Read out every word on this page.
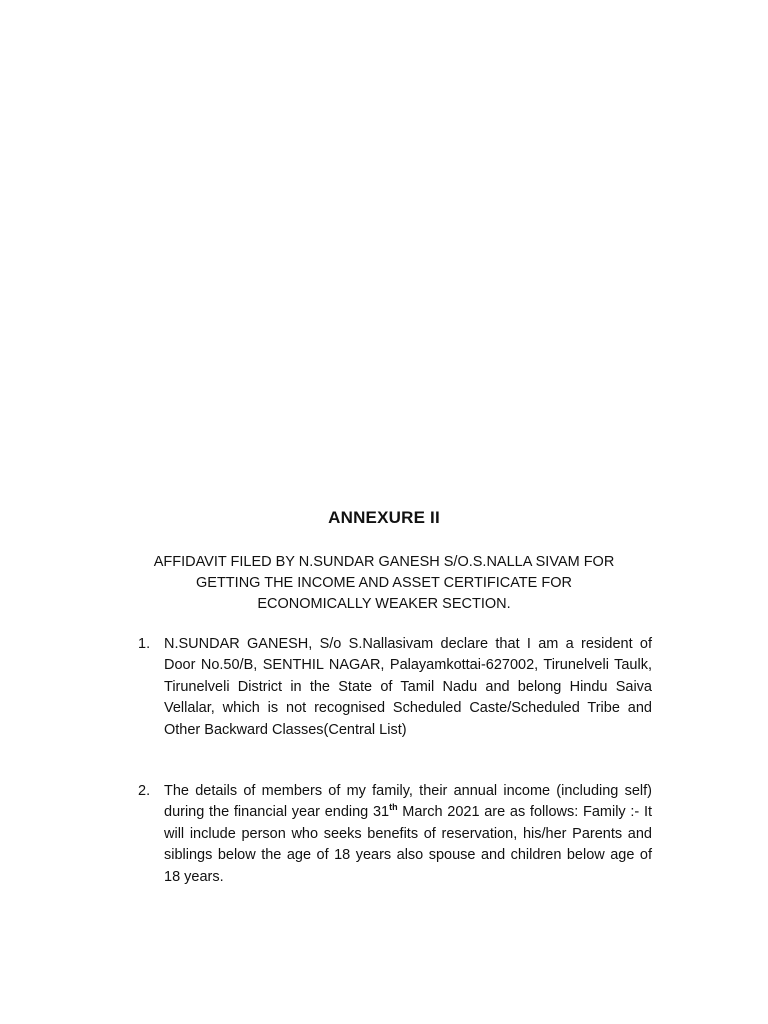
ANNEXURE II
AFFIDAVIT FILED BY N.SUNDAR GANESH S/O.S.NALLA SIVAM FOR
GETTING THE INCOME AND ASSET CERTIFICATE FOR
ECONOMICALLY WEAKER SECTION.
1. N.SUNDAR GANESH, S/o S.Nallasivam declare that I am a resident of Door No.50/B, SENTHIL NAGAR, Palayamkottai-627002, Tirunelveli Taulk, Tirunelveli District in the State of Tamil Nadu and belong Hindu Saiva Vellalar, which is not recognised Scheduled Caste/Scheduled Tribe and Other Backward Classes(Central List)
2. The details of members of my family, their annual income (including self) during the financial year ending 31th March 2021 are as follows: Family :- It will include person who seeks benefits of reservation, his/her Parents and siblings below the age of 18 years also spouse and children below age of 18 years.
